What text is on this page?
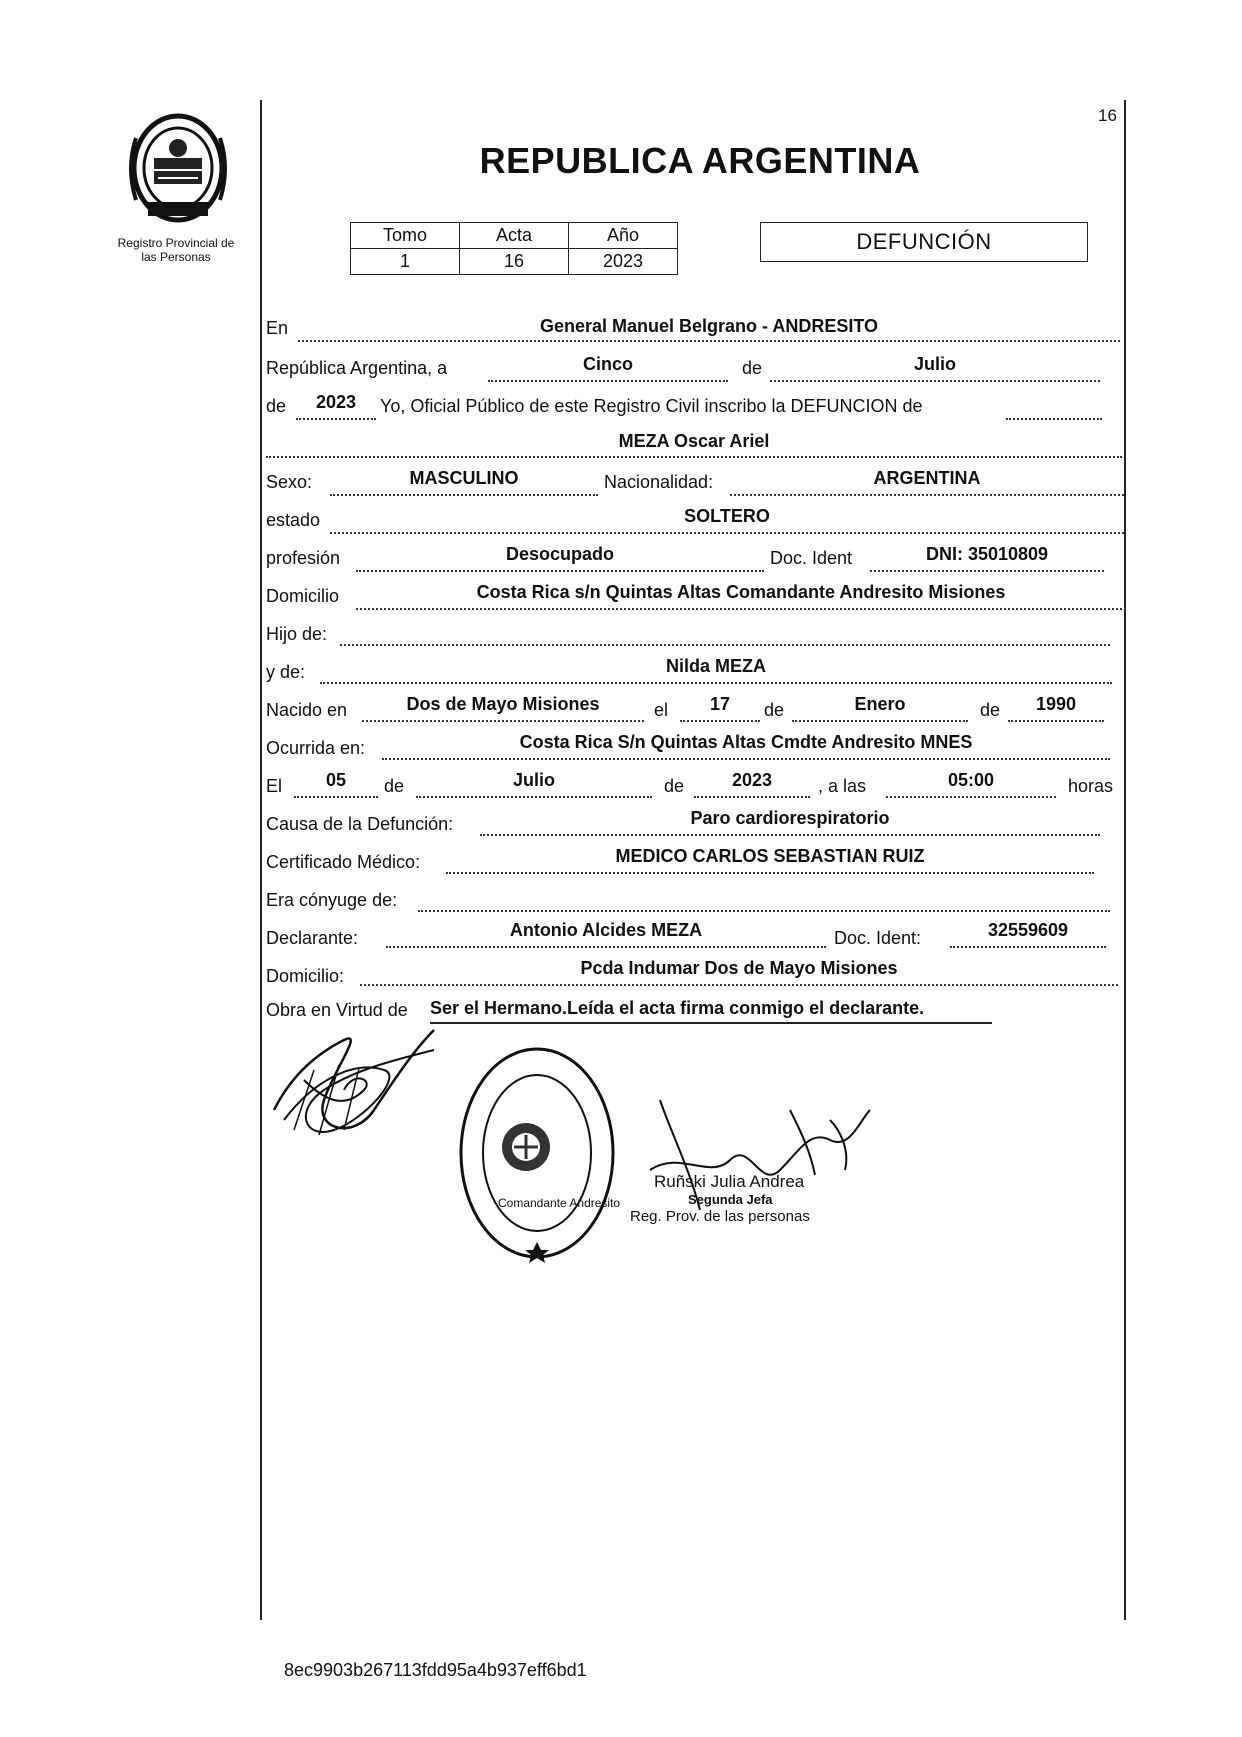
Registro Provincial de
las Personas
16
REPUBLICA ARGENTINA
Tomo	Acta	Año
1	16	2023
DEFUNCIÓN
En	General Manuel Belgrano - ANDRESITO
República Argentina, a	Cinco	de	Julio
de	2023	Yo, Oficial Público de este Registro Civil inscribo la DEFUNCION de
MEZA Oscar Ariel
Sexo:	MASCULINO	Nacionalidad:	ARGENTINA
estado	SOLTERO
profesión	Desocupado	Doc. Ident	DNI: 35010809
Domicilio	Costa Rica s/n Quintas Altas Comandante Andresito Misiones
Hijo de:
y de:	Nilda MEZA
Nacido en	Dos de Mayo Misiones	el	17	de	Enero	de	1990
Ocurrida en:	Costa Rica S/n Quintas Altas Cmdte Andresito MNES
El	05	de	Julio	de	2023	, a las	05:00	horas
Causa de la Defunción:	Paro cardiorespiratorio
Certificado Médico:	MEDICO CARLOS SEBASTIAN RUIZ
Era cónyuge de:
Declarante:	Antonio Alcides MEZA	Doc. Ident:	32559609
Domicilio:	Pcda Indumar Dos de Mayo Misiones
Obra en Virtud de Ser el Hermano.Leída el acta firma conmigo el declarante.
Comandante Andresito
Ruñski Julia Andrea
Segunda Jefa
Reg. Prov. de las personas
8ec9903b267113fdd95a4b937eff6bd1
